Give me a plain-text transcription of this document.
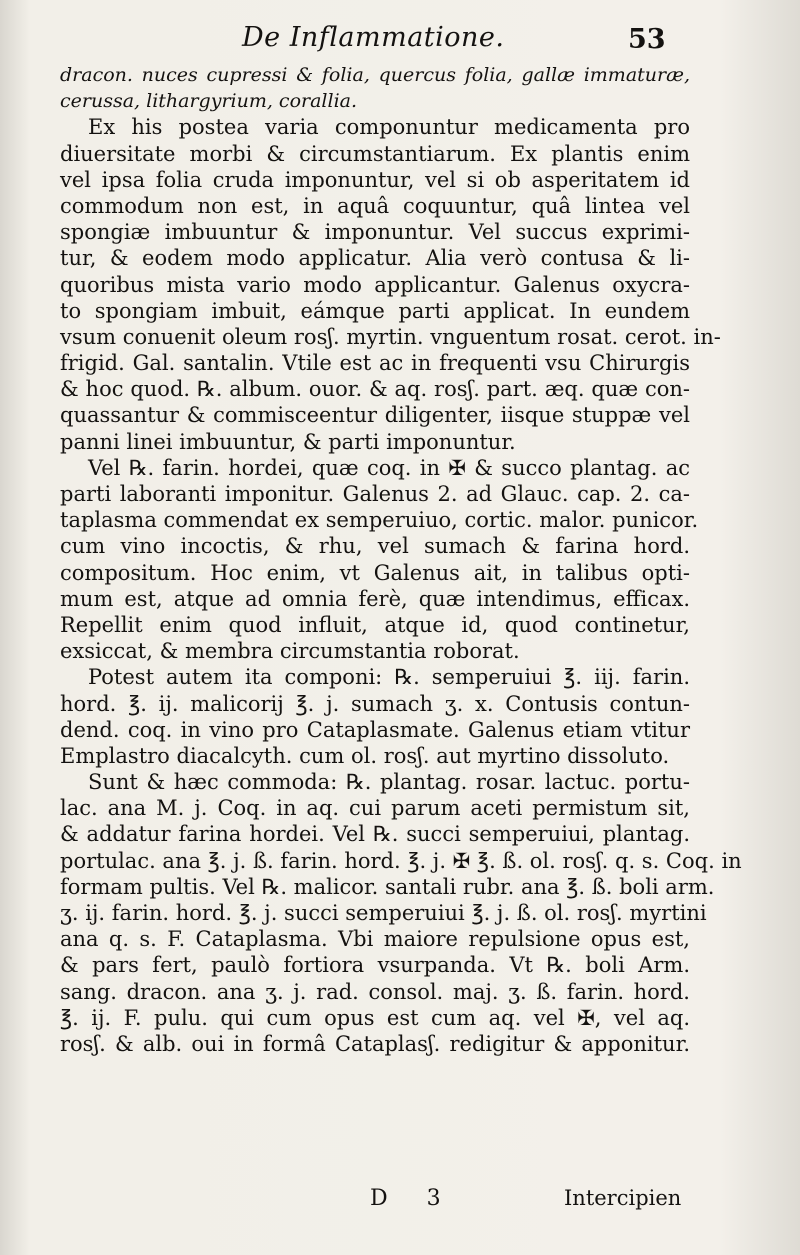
De Inflammatione.	53
dracon. nuces cupressi & folia, quercus folia, gallæ immaturæ,
cerussa, lithargyrium, corallia.
Ex his postea varia componuntur medicamenta pro
diuersitate morbi & circumstantiarum. Ex plantis enim
vel ipsa folia cruda imponuntur, vel si ob asperitatem id
commodum non est, in aquâ coquuntur, quâ lintea vel
spongiæ imbuuntur & imponuntur. Vel succus exprimi-
tur, & eodem modo applicatur. Alia verò contusa & li-
quoribus mista vario modo applicantur. Galenus oxycra-
to spongiam imbuit, eámque parti applicat. In eundem
vsum conuenit oleum rosʃ. myrtin. vnguentum rosat. cerot. in-
frigid. Gal. santalin. Vtile est ac in frequenti vsu Chirurgis
& hoc quod. ℞. album. ouor. & aq. rosʃ. part. æq. quæ con-
quassantur & commisceentur diligenter, iisque stuppæ vel
panni linei imbuuntur, & parti imponuntur.
Vel ℞. farin. hordei, quæ coq. in ✠ & succo plantag. ac
parti laboranti imponitur. Galenus 2. ad Glauc. cap. 2. ca-
taplasma commendat ex semperuiuo, cortic. malor. punicor.
cum vino incoctis, & rhu, vel sumach & farina hord.
compositum. Hoc enim, vt Galenus ait, in talibus opti-
mum est, atque ad omnia ferè, quæ intendimus, efficax.
Repellit enim quod influit, atque id, quod continetur,
exsiccat, & membra circumstantia roborat.
Potest autem ita componi: ℞. semperuiui ℥. iij. farin.
hord. ℥. ij. malicorij ℥. j. sumach ʒ. x. Contusis contun-
dend. coq. in vino pro Cataplasmate. Galenus etiam vtitur
Emplastro diacalcyth. cum ol. rosʃ. aut myrtino dissoluto.
Sunt & hæc commoda: ℞. plantag. rosar. lactuc. portu-
lac. ana M. j. Coq. in aq. cui parum aceti permistum sit,
& addatur farina hordei. Vel ℞. succi semperuiui, plantag.
portulac. ana ℥. j. ß. farin. hord. ℥. j. ✠ ℥. ß. ol. rosʃ. q. s. Coq. in
formam pultis. Vel ℞. malicor. santali rubr. ana ℥. ß. boli arm.
ʒ. ij. farin. hord. ℥. j. succi semperuiui ℥. j. ß. ol. rosʃ. myrtini
ana q. s. F. Cataplasma. Vbi maiore repulsione opus est,
& pars fert, paulò fortiora vsurpanda. Vt ℞. boli Arm.
sang. dracon. ana ʒ. j. rad. consol. maj. ʒ. ß. farin. hord.
℥. ij. F. pulu. qui cum opus est cum aq. vel ✠, vel aq.
rosʃ. & alb. oui in formâ Cataplasʃ. redigitur & apponitur.
D 3	Intercipien
